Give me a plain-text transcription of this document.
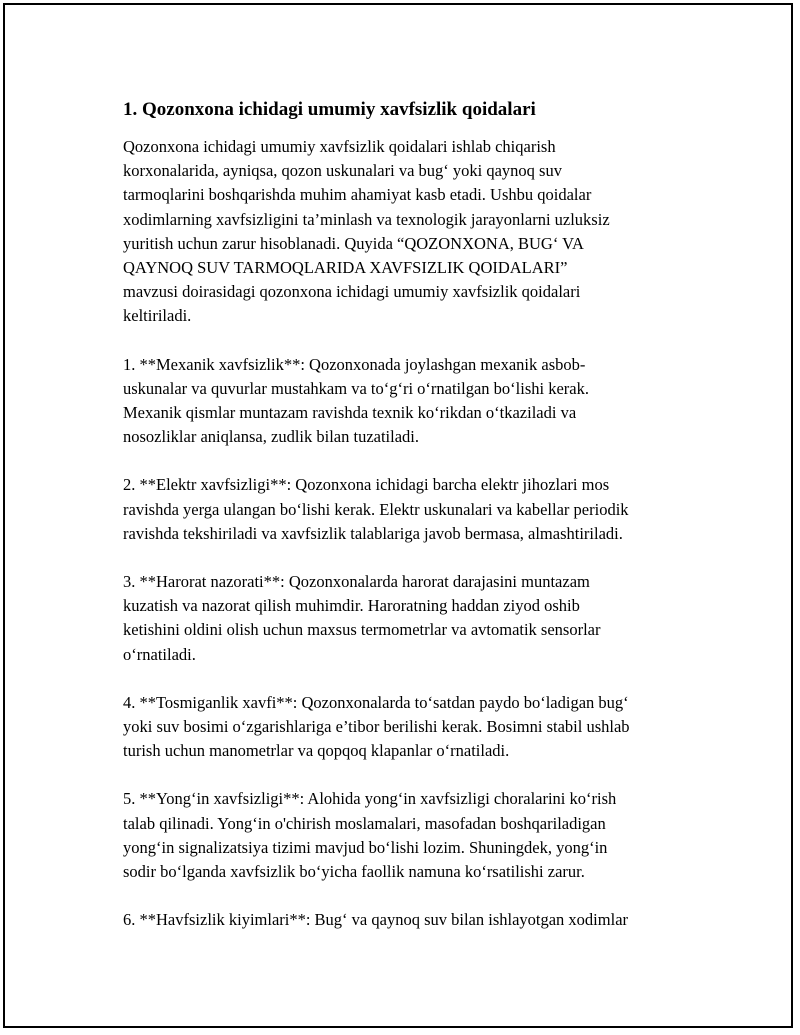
1. Qozonxona ichidagi umumiy xavfsizlik qoidalari

Qozonxona ichidagi umumiy xavfsizlik qoidalari ishlab chiqarish
korxonalarida, ayniqsa, qozon uskunalari va bug‘ yoki qaynoq suv
tarmoqlarini boshqarishda muhim ahamiyat kasb etadi. Ushbu qoidalar
xodimlarning xavfsizligini ta’minlash va texnologik jarayonlarni uzluksiz
yuritish uchun zarur hisoblanadi. Quyida “QOZONXONA, BUG‘ VA
QAYNOQ SUV TARMOQLARIDA XAVFSIZLIK QOIDALARI”
mavzusi doirasidagi qozonxona ichidagi umumiy xavfsizlik qoidalari
keltiriladi.

1. **Mexanik xavfsizlik**: Qozonxonada joylashgan mexanik asbob-
uskunalar va quvurlar mustahkam va to‘g‘ri o‘rnatilgan bo‘lishi kerak.
Mexanik qismlar muntazam ravishda texnik ko‘rikdan o‘tkaziladi va
nosozliklar aniqlansa, zudlik bilan tuzatiladi.

2. **Elektr xavfsizligi**: Qozonxona ichidagi barcha elektr jihozlari mos
ravishda yerga ulangan bo‘lishi kerak. Elektr uskunalari va kabellar periodik
ravishda tekshiriladi va xavfsizlik talablariga javob bermasa, almashtiriladi.

3. **Harorat nazorati**: Qozonxonalarda harorat darajasini muntazam
kuzatish va nazorat qilish muhimdir. Haroratning haddan ziyod oshib
ketishini oldini olish uchun maxsus termometrlar va avtomatik sensorlar
o‘rnatiladi.

4. **Tosmiganlik xavfi**: Qozonxonalarda to‘satdan paydo bo‘ladigan bug‘
yoki suv bosimi o‘zgarishlariga e’tibor berilishi kerak. Bosimni stabil ushlab
turish uchun manometrlar va qopqoq klapanlar o‘rnatiladi.

5. **Yong‘in xavfsizligi**: Alohida yong‘in xavfsizligi choralarini ko‘rish
talab qilinadi. Yong‘in o'chirish moslamalari, masofadan boshqariladigan
yong‘in signalizatsiya tizimi mavjud bo‘lishi lozim. Shuningdek, yong‘in
sodir bo‘lganda xavfsizlik bo‘yicha faollik namuna ko‘rsatilishi zarur.

6. **Havfsizlik kiyimlari**: Bug‘ va qaynoq suv bilan ishlayotgan xodimlar
